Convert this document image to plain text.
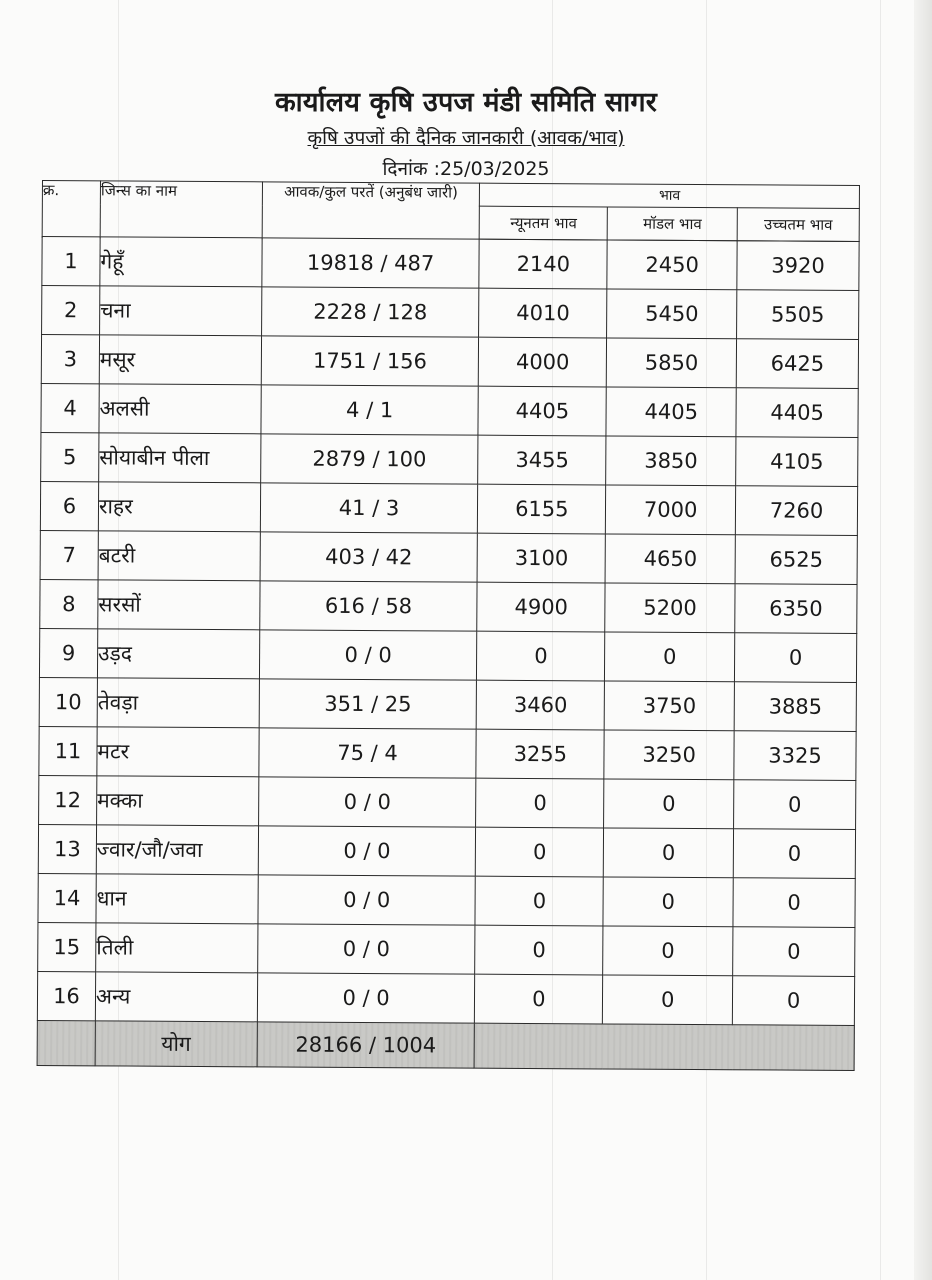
कार्यालय कृषि उपज मंडी समिति सागर
कृषि उपजों की दैनिक जानकारी (आवक/भाव)
दिनांक :25/03/2025
क्र.	जिन्स का नाम	आवक/कुल परतें (अनुबंध जारी)	भाव		
			न्यूनतम भाव	मॉडल भाव	उच्चतम भाव

1	गेहूँ	19818 / 487	2140	2450	3920
2	चना	2228 / 128	4010	5450	5505
3	मसूर	1751 / 156	4000	5850	6425
4	अलसी	4 / 1	4405	4405	4405
5	सोयाबीन पीला	2879 / 100	3455	3850	4105
6	राहर	41 / 3	6155	7000	7260
7	बटरी	403 / 42	3100	4650	6525
8	सरसों	616 / 58	4900	5200	6350
9	उड़द	0 / 0	0	0	0
10	तेवड़ा	351 / 25	3460	3750	3885
11	मटर	75 / 4	3255	3250	3325
12	मक्का	0 / 0	0	0	0
13	ज्वार/जौ/जवा	0 / 0	0	0	0
14	धान	0 / 0	0	0	0
15	तिली	0 / 0	0	0	0
16	अन्य	0 / 0	0	0	0
	योग	28166 / 1004			
